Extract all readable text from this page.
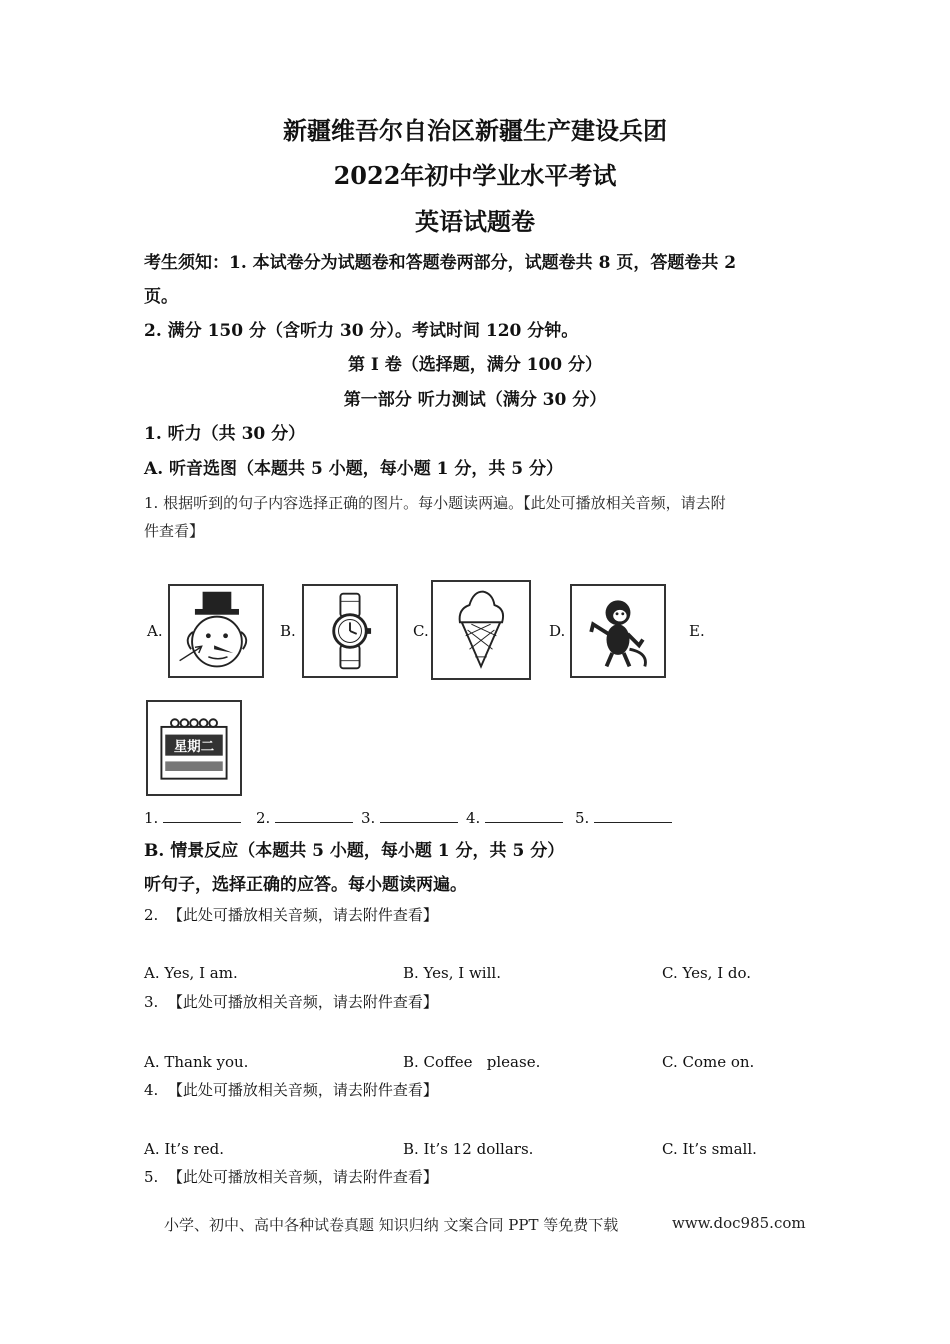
新疆维吾尔自治区新疆生产建设兵团
2022年初中学业水平考试
英语试题卷

考生须知：1. 本试卷分为试题卷和答题卷两部分，试题卷共 8 页，答题卷共 2

页。

2. 满分 150 分（含听力 30 分）。考试时间 120 分钟。

第 I 卷（选择题，满分 100 分）

第一部分 听力测试（满分 30 分）

1. 听力（共 30 分）

A. 听音选图（本题共 5 小题，每小题 1 分，共 5 分）

1. 根据听到的句子内容选择正确的图片。每小题读两遍。【此处可播放相关音频，请去附

件查看】

A.	B.	C.	D.	E.
星期二
1.	2.	3.	4.	5.

B. 情景反应（本题共 5 小题，每小题 1 分，共 5 分）

听句子，选择正确的应答。每小题读两遍。

2. 【此处可播放相关音频，请去附件查看】
A. Yes, I am.	B. Yes, I will.	C. Yes, I do.
3. 【此处可播放相关音频，请去附件查看】
A. Thank you.	B. Coffee   please.	C. Come on.
4. 【此处可播放相关音频，请去附件查看】
A. It’s red.	B. It’s 12 dollars.	C. It’s small.
5. 【此处可播放相关音频，请去附件查看】
小学、初中、高中各种试卷真题 知识归纳 文案合同 PPT 等免费下载	www.doc985.com
